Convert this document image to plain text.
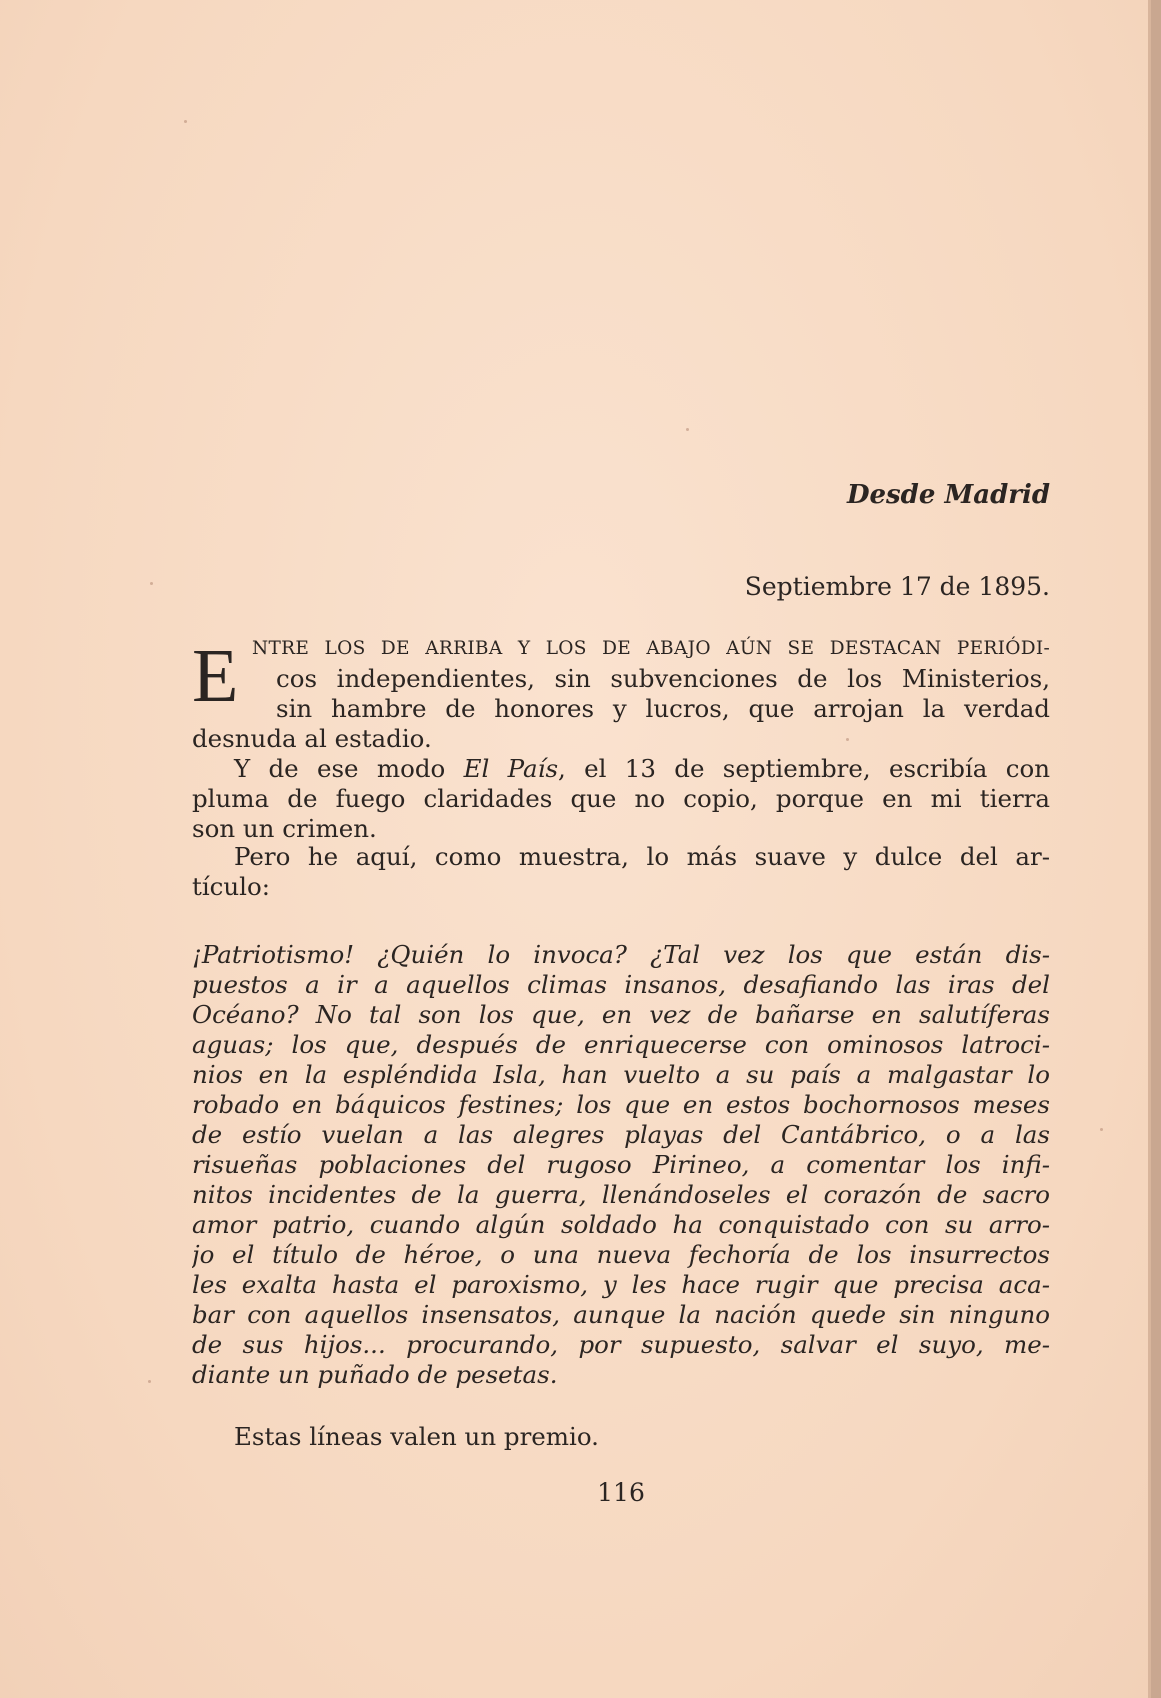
Desde Madrid
Septiembre 17 de 1895.
E NTRE LOS DE ARRIBA Y LOS DE ABAJO AÚN SE DESTACAN PERIÓDI-
cos independientes, sin subvenciones de los Ministerios,
sin hambre de honores y lucros, que arrojan la verdad
desnuda al estadio.
Y de ese modo El País, el 13 de septiembre, escribía con
pluma de fuego claridades que no copio, porque en mi tierra
son un crimen.
Pero he aquí, como muestra, lo más suave y dulce del ar-
tículo:
¡Patriotismo! ¿Quién lo invoca? ¿Tal vez los que están dis-
puestos a ir a aquellos climas insanos, desafiando las iras del
Océano? No tal son los que, en vez de bañarse en salutíferas
aguas; los que, después de enriquecerse con ominosos latroci-
nios en la espléndida Isla, han vuelto a su país a malgastar lo
robado en báquicos festines; los que en estos bochornosos meses
de estío vuelan a las alegres playas del Cantábrico, o a las
risueñas poblaciones del rugoso Pirineo, a comentar los infi-
nitos incidentes de la guerra, llenándoseles el corazón de sacro
amor patrio, cuando algún soldado ha conquistado con su arro-
jo el título de héroe, o una nueva fechoría de los insurrectos
les exalta hasta el paroxismo, y les hace rugir que precisa aca-
bar con aquellos insensatos, aunque la nación quede sin ninguno
de sus hijos... procurando, por supuesto, salvar el suyo, me-
diante un puñado de pesetas.
Estas líneas valen un premio.
116
